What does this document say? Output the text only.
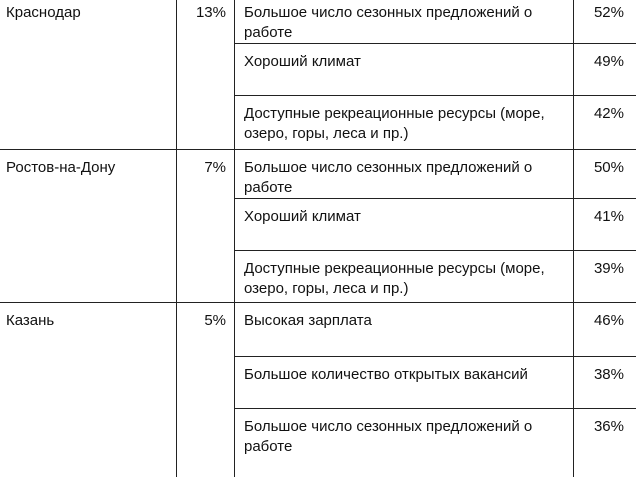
Краснодар	13%	Большое число сезонных предложений о работе	52%
		Хороший климат	49%
		Доступные рекреационные ресурсы (море, озеро, горы, леса и пр.)	42%
Ростов-на-Дону	7%	Большое число сезонных предложений о работе	50%
		Хороший климат	41%
		Доступные рекреационные ресурсы (море, озеро, горы, леса и пр.)	39%
Казань	5%	Высокая зарплата	46%
		Большое количество открытых вакансий	38%
		Большое число сезонных предложений о работе	36%
